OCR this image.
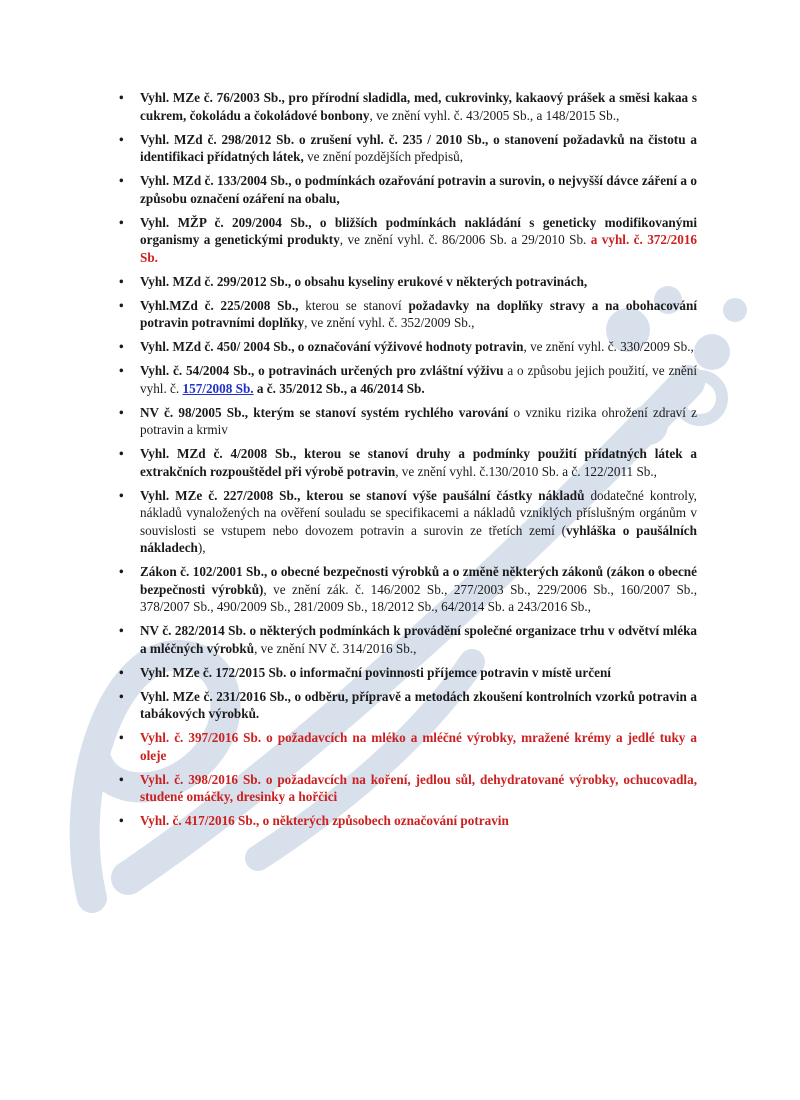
• Vyhl. MZe č. 76/2003 Sb., pro přírodní sladidla, med, cukrovinky, kakaový prášek a směsi kakaa s cukrem, čokoládu a čokoládové bonbony, ve znění vyhl. č. 43/2005 Sb., a 148/2015 Sb.,
• Vyhl. MZd č. 298/2012 Sb. o zrušení vyhl. č. 235 / 2010 Sb., o stanovení požadavků na čistotu a identifikaci přídatných látek, ve znění pozdějších předpisů,
• Vyhl. MZd č. 133/2004 Sb., o podmínkách ozařování potravin a surovin, o nejvyšší dávce záření a o způsobu označení ozáření na obalu,
• Vyhl. MŽP č. 209/2004 Sb., o bližších podmínkách nakládání s geneticky modifikovanými organismy a genetickými produkty, ve znění vyhl. č. 86/2006 Sb. a 29/2010 Sb. a vyhl. č. 372/2016 Sb.
• Vyhl. MZd č. 299/2012 Sb., o obsahu kyseliny erukové v některých potravinách,
• Vyhl.MZd č. 225/2008 Sb., kterou se stanoví požadavky na doplňky stravy a na obohacování potravin potravními doplňky, ve znění vyhl. č. 352/2009 Sb.,
• Vyhl. MZd č. 450/ 2004 Sb., o označování výživové hodnoty potravin, ve znění vyhl. č. 330/2009 Sb.,
• Vyhl. č. 54/2004 Sb., o potravinách určených pro zvláštní výživu a o způsobu jejich použití, ve znění vyhl. č. 157/2008 Sb. a č. 35/2012 Sb., a 46/2014 Sb.
• NV č. 98/2005 Sb., kterým se stanoví systém rychlého varování o vzniku rizika ohrožení zdraví z potravin a krmiv
• Vyhl. MZd č. 4/2008 Sb., kterou se stanoví druhy a podmínky použití přídatných látek a extrakčních rozpouštědel při výrobě potravin, ve znění vyhl. č.130/2010 Sb. a č. 122/2011 Sb.,
• Vyhl. MZe č. 227/2008 Sb., kterou se stanoví výše paušální částky nákladů dodatečné kontroly, nákladů vynaložených na ověření souladu se specifikacemi a nákladů vzniklých příslušným orgánům v souvislosti se vstupem nebo dovozem potravin a surovin ze třetích zemí (vyhláška o paušálních nákladech),
• Zákon č. 102/2001 Sb., o obecné bezpečnosti výrobků a o změně některých zákonů (zákon o obecné bezpečnosti výrobků), ve znění zák. č. 146/2002 Sb., 277/2003 Sb., 229/2006 Sb., 160/2007 Sb., 378/2007 Sb., 490/2009 Sb., 281/2009 Sb., 18/2012 Sb., 64/2014 Sb. a 243/2016 Sb.,
• NV č. 282/2014 Sb. o některých podmínkách k provádění společné organizace trhu v odvětví mléka a mléčných výrobků, ve znění NV č. 314/2016 Sb.,
• Vyhl. MZe č. 172/2015 Sb. o informační povinnosti příjemce potravin v místě určení
• Vyhl. MZe č. 231/2016 Sb., o odběru, přípravě a metodách zkoušení kontrolních vzorků potravin a tabákových výrobků.
• Vyhl. č. 397/2016 Sb. o požadavcích na mléko a mléčné výrobky, mražené krémy a jedlé tuky a oleje
• Vyhl. č. 398/2016 Sb. o požadavcích na koření, jedlou sůl, dehydratované výrobky, ochucovadla, studené omáčky, dresinky a hořčici
• Vyhl. č. 417/2016 Sb., o některých způsobech označování potravin
